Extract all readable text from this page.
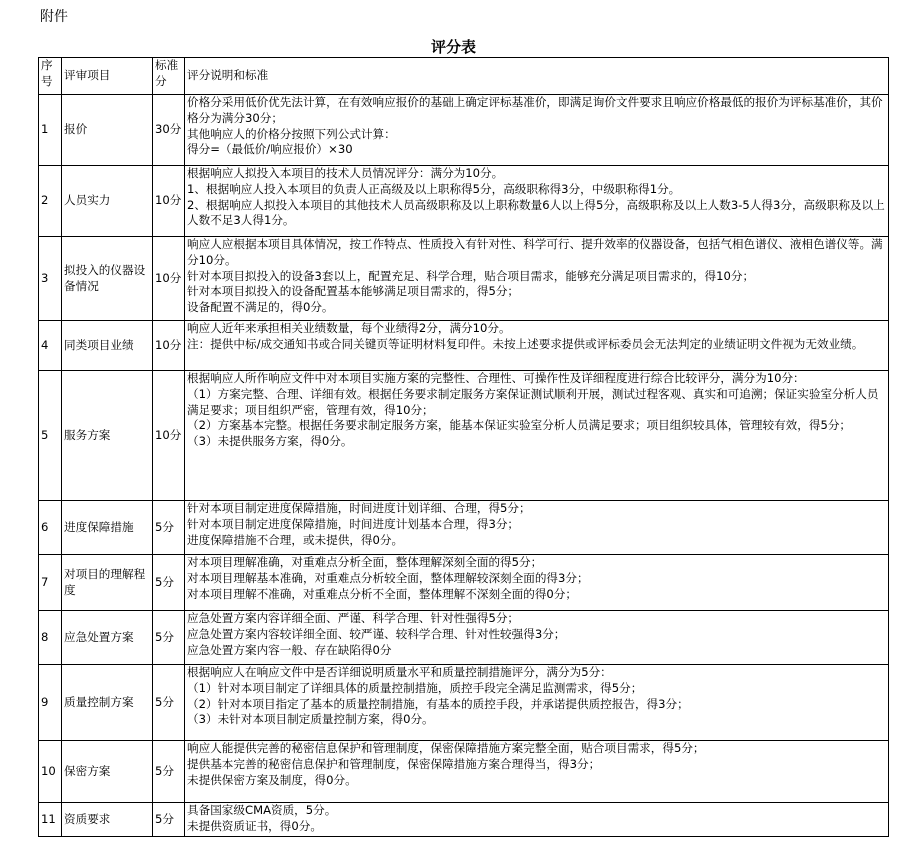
附件
评分表
序号	评审项目	标准分	评分说明和标准
1	报价	30分	价格分采用低价优先法计算，在有效响应报价的基础上确定评标基准价，即满足询价文件要求且响应价格最低的报价为评标基准价，其价格分为满分30分；
其他响应人的价格分按照下列公式计算：
得分=（最低价/响应报价）×30

2	人员实力	10分	根据响应人拟投入本项目的技术人员情况评分：满分为10分。
1、根据响应人投入本项目的负责人正高级及以上职称得5分，高级职称得3分，中级职称得1分。
2、根据响应人拟投入本项目的其他技术人员高级职称及以上职称数量6人以上得5分，高级职称及以上人数3-5人得3分，高级职称及以上人数不足3人得1分。

3	拟投入的仪器设备情况	10分	响应人应根据本项目具体情况，按工作特点、性质投入有针对性、科学可行、提升效率的仪器设备，包括气相色谱仪、液相色谱仪等。满分10分。
针对本项目拟投入的设备3套以上，配置充足、科学合理，贴合项目需求，能够充分满足项目需求的，得10分；
针对本项目拟投入的设备配置基本能够满足项目需求的，得5分；
设备配置不满足的，得0分。

4	同类项目业绩	10分	响应人近年来承担相关业绩数量，每个业绩得2分，满分10分。
注：提供中标/成交通知书或合同关键页等证明材料复印件。未按上述要求提供或评标委员会无法判定的业绩证明文件视为无效业绩。

5	服务方案	10分	根据响应人所作响应文件中对本项目实施方案的完整性、合理性、可操作性及详细程度进行综合比较评分，满分为10分：
（1）方案完整、合理、详细有效。根据任务要求制定服务方案保证测试顺利开展，测试过程客观、真实和可追溯；保证实验室分析人员满足要求；项目组织严密，管理有效，得10分；
（2）方案基本完整。根据任务要求制定服务方案，能基本保证实验室分析人员满足要求；项目组织较具体，管理较有效，得5分；
（3）未提供服务方案，得0分。

6	进度保障措施	5分	针对本项目制定进度保障措施，时间进度计划详细、合理，得5分；
针对本项目制定进度保障措施，时间进度计划基本合理，得3分；
进度保障措施不合理，或未提供，得0分。

7	对项目的理解程度	5分	对本项目理解准确，对重难点分析全面，整体理解深刻全面的得5分；
对本项目理解基本准确，对重难点分析较全面，整体理解较深刻全面的得3分；
对本项目理解不准确，对重难点分析不全面，整体理解不深刻全面的得0分；

8	应急处置方案	5分	应急处置方案内容详细全面、严谨、科学合理、针对性强得5分；
应急处置方案内容较详细全面、较严谨、较科学合理、针对性较强得3分；
应急处置方案内容一般、存在缺陷得0分

9	质量控制方案	5分	根据响应人在响应文件中是否详细说明质量水平和质量控制措施评分，满分为5分：
（1）针对本项目制定了详细具体的质量控制措施，质控手段完全满足监测需求，得5分；
（2）针对本项目指定了基本的质量控制措施，有基本的质控手段，并承诺提供质控报告，得3分；
（3）未针对本项目制定质量控制方案，得0分。

10	保密方案	5分	响应人能提供完善的秘密信息保护和管理制度，保密保障措施方案完整全面，贴合项目需求，得5分；
提供基本完善的秘密信息保护和管理制度，保密保障措施方案合理得当，得3分；
未提供保密方案及制度，得0分。

11	资质要求	5分	具备国家级CMA资质，5分。
未提供资质证书，得0分。
